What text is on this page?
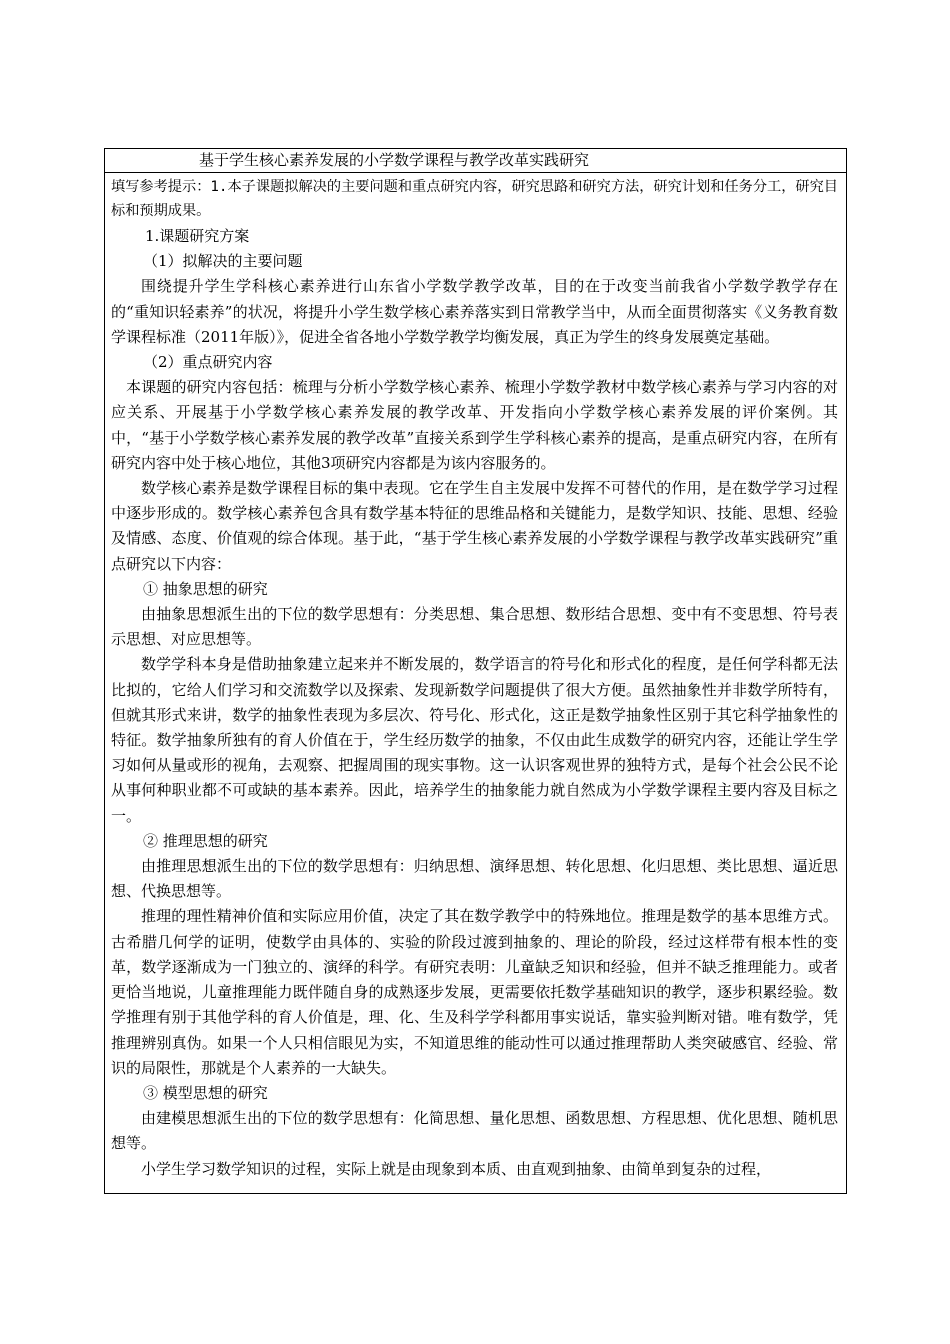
基于学生核心素养发展的小学数学课程与教学改革实践研究

填写参考提示：1.本子课题拟解决的主要问题和重点研究内容，研究思路和研究方法，研究计划和任务分工，研究目标和预期成果。

1.课题研究方案

（1）拟解决的主要问题

围绕提升学生学科核心素养进行山东省小学数学教学改革，目的在于改变当前我省小学数学教学存在的“重知识轻素养”的状况，将提升小学生数学核心素养落实到日常教学当中，从而全面贯彻落实《义务教育数学课程标准（2011年版）》，促进全省各地小学数学教学均衡发展，真正为学生的终身发展奠定基础。

（2）重点研究内容

本课题的研究内容包括：梳理与分析小学数学核心素养、梳理小学数学教材中数学核心素养与学习内容的对应关系、开展基于小学数学核心素养发展的教学改革、开发指向小学数学核心素养发展的评价案例。其中，“基于小学数学核心素养发展的教学改革”直接关系到学生学科核心素养的提高，是重点研究内容，在所有研究内容中处于核心地位，其他3项研究内容都是为该内容服务的。

数学核心素养是数学课程目标的集中表现。它在学生自主发展中发挥不可替代的作用，是在数学学习过程中逐步形成的。数学核心素养包含具有数学基本特征的思维品格和关键能力，是数学知识、技能、思想、经验及情感、态度、价值观的综合体现。基于此，“基于学生核心素养发展的小学数学课程与教学改革实践研究”重点研究以下内容：

① 抽象思想的研究

由抽象思想派生出的下位的数学思想有：分类思想、集合思想、数形结合思想、变中有不变思想、符号表示思想、对应思想等。

数学学科本身是借助抽象建立起来并不断发展的，数学语言的符号化和形式化的程度，是任何学科都无法比拟的，它给人们学习和交流数学以及探索、发现新数学问题提供了很大方便。虽然抽象性并非数学所特有，但就其形式来讲，数学的抽象性表现为多层次、符号化、形式化，这正是数学抽象性区别于其它科学抽象性的特征。数学抽象所独有的育人价值在于，学生经历数学的抽象，不仅由此生成数学的研究内容，还能让学生学习如何从量或形的视角，去观察、把握周围的现实事物。这一认识客观世界的独特方式，是每个社会公民不论从事何种职业都不可或缺的基本素养。因此，培养学生的抽象能力就自然成为小学数学课程主要内容及目标之一。

② 推理思想的研究

由推理思想派生出的下位的数学思想有：归纳思想、演绎思想、转化思想、化归思想、类比思想、逼近思想、代换思想等。

推理的理性精神价值和实际应用价值，决定了其在数学教学中的特殊地位。推理是数学的基本思维方式。古希腊几何学的证明，使数学由具体的、实验的阶段过渡到抽象的、理论的阶段，经过这样带有根本性的变革，数学逐渐成为一门独立的、演绎的科学。有研究表明：儿童缺乏知识和经验，但并不缺乏推理能力。或者更恰当地说，儿童推理能力既伴随自身的成熟逐步发展，更需要依托数学基础知识的教学，逐步积累经验。数学推理有别于其他学科的育人价值是，理、化、生及科学学科都用事实说话，靠实验判断对错。唯有数学，凭推理辨别真伪。如果一个人只相信眼见为实，不知道思维的能动性可以通过推理帮助人类突破感官、经验、常识的局限性，那就是个人素养的一大缺失。

③ 模型思想的研究

由建模思想派生出的下位的数学思想有：化简思想、量化思想、函数思想、方程思想、优化思想、随机思想等。

小学生学习数学知识的过程，实际上就是由现象到本质、由直观到抽象、由简单到复杂的过程，
